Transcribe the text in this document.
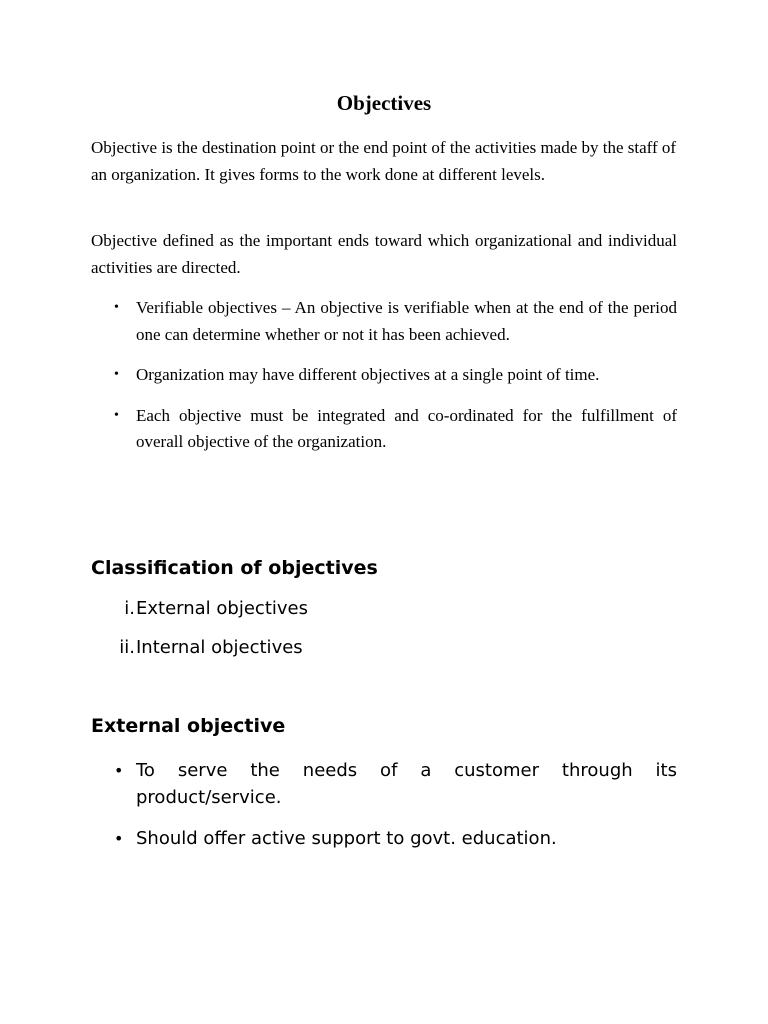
Objectives

Objective is the destination point or the end point of the activities made by the staff of an organization. It gives forms to the work done at different levels.

Objective defined as the important ends toward which organizational and individual activities are directed.

• Verifiable objectives – An objective is verifiable when at the end of the period one can determine whether or not it has been achieved.
• Organization may have different objectives at a single point of time.
• Each objective must be integrated and co-ordinated for the fulfillment of overall objective of the organization.
Classification of objectives
i. External objectives
ii. Internal objectives
External objective
• To serve the needs of a customer through its product/service.
• Should offer active support to govt. education.
